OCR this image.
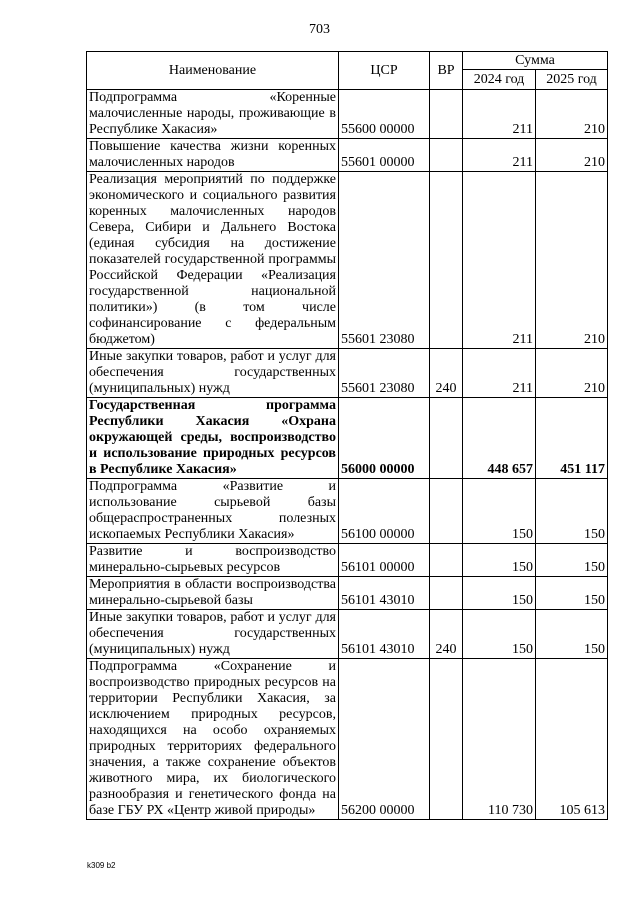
703
Наименование	ЦСР	ВР	Сумма	
			2024 год	2025 год
Подпрограмма «Коренные малочисленные народы, проживающие в Республике Хакасия»	55600 00000		211	210
Повышение качества жизни коренных малочисленных народов	55601 00000		211	210
Реализация мероприятий по поддержке экономического и социального развития коренных малочисленных народов Севера, Сибири и Дальнего Востока (единая субсидия на достижение показателей государственной программы Российской Федерации «Реализация государственной национальной политики») (в том числе софинансирование с федеральным бюджетом)	55601 23080		211	210
Иные закупки товаров, работ и услуг для обеспечения государственных (муниципальных) нужд	55601 23080	240	211	210
Государственная программа Республики Хакасия «Охрана окружающей среды, воспроизводство и использование природных ресурсов в Республике Хакасия»	56000 00000		448 657	451 117
Подпрограмма «Развитие и использование сырьевой базы общераспространенных полезных ископаемых Республики Хакасия»	56100 00000		150	150
Развитие и воспроизводство минерально-сырьевых ресурсов	56101 00000		150	150
Мероприятия в области воспроизводства минерально-сырьевой базы	56101 43010		150	150
Иные закупки товаров, работ и услуг для обеспечения государственных (муниципальных) нужд	56101 43010	240	150	150
Подпрограмма «Сохранение и воспроизводство природных ресурсов на территории Республики Хакасия, за исключением природных ресурсов, находящихся на особо охраняемых природных территориях федерального значения, а также сохранение объектов животного мира, их биологического разнообразия и генетического фонда на базе ГБУ РХ «Центр живой природы»	56200 00000		110 730	105 613
k309 b2
